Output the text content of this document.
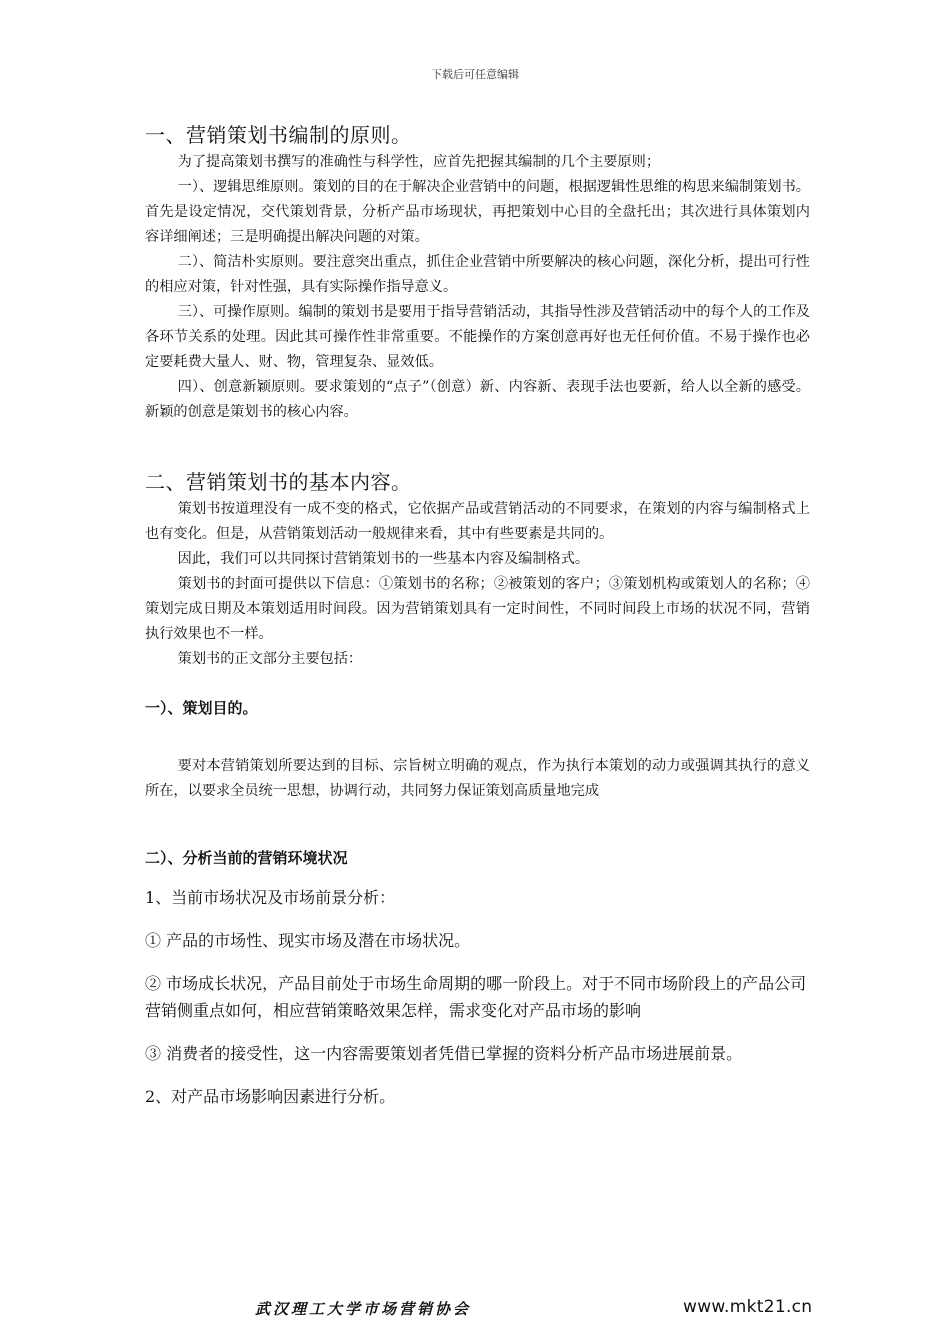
下载后可任意编辑
一、营销策划书编制的原则。

为了提高策划书撰写的准确性与科学性，应首先把握其编制的几个主要原则；

一）、逻辑思维原则。策划的目的在于解决企业营销中的问题，根据逻辑性思维的构思来编制策划书。首先是设定情况，交代策划背景，分析产品市场现状，再把策划中心目的全盘托出；其次进行具体策划内容详细阐述；三是明确提出解决问题的对策。

二）、简洁朴实原则。要注意突出重点，抓住企业营销中所要解决的核心问题，深化分析，提出可行性的相应对策，针对性强，具有实际操作指导意义。

三）、可操作原则。编制的策划书是要用于指导营销活动，其指导性涉及营销活动中的每个人的工作及各环节关系的处理。因此其可操作性非常重要。不能操作的方案创意再好也无任何价值。不易于操作也必定要耗费大量人、财、物，管理复杂、显效低。

四）、创意新颖原则。要求策划的“点子”（创意）新、内容新、表现手法也要新，给人以全新的感受。新颖的创意是策划书的核心内容。

二、营销策划书的基本内容。

策划书按道理没有一成不变的格式，它依据产品或营销活动的不同要求，在策划的内容与编制格式上也有变化。但是，从营销策划活动一般规律来看，其中有些要素是共同的。

因此，我们可以共同探讨营销策划书的一些基本内容及编制格式。

策划书的封面可提供以下信息：①策划书的名称；②被策划的客户；③策划机构或策划人的名称；④策划完成日期及本策划适用时间段。因为营销策划具有一定时间性，不同时间段上市场的状况不同，营销执行效果也不一样。

策划书的正文部分主要包括：

一）、策划目的。

要对本营销策划所要达到的目标、宗旨树立明确的观点，作为执行本策划的动力或强调其执行的意义所在，以要求全员统一思想，协调行动，共同努力保证策划高质量地完成

二）、分析当前的营销环境状况

1、当前市场状况及市场前景分析：

① 产品的市场性、现实市场及潜在市场状况。

② 市场成长状况，产品目前处于市场生命周期的哪一阶段上。对于不同市场阶段上的产品公司营销侧重点如何，相应营销策略效果怎样，需求变化对产品市场的影响

③ 消费者的接受性，这一内容需要策划者凭借已掌握的资料分析产品市场进展前景。

2、对产品市场影响因素进行分析。

武汉理工大学市场营销协会	www.mkt21.cn
